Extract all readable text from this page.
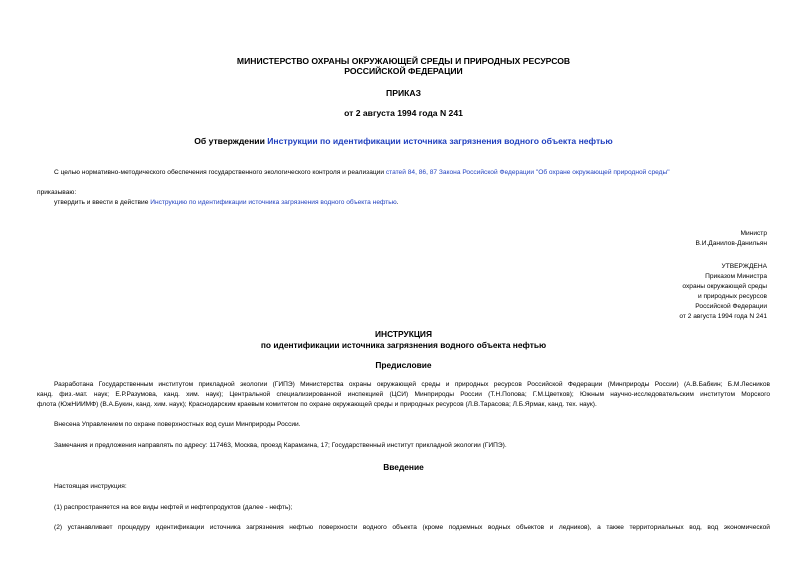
МИНИСТЕРСТВО ОХРАНЫ ОКРУЖАЮЩЕЙ СРЕДЫ И ПРИРОДНЫХ РЕСУРСОВ
РОССИЙСКОЙ ФЕДЕРАЦИИ
ПРИКАЗ
от 2 августа 1994 года N 241
Об утверждении Инструкции по идентификации источника загрязнения водного объекта нефтью
С целью нормативно-методического обеспечения государственного экологического контроля и реализации статей 84, 86, 87 Закона Российской Федерации "Об охране окружающей природной среды"
приказываю:
утвердить и ввести в действие Инструкцию по идентификации источника загрязнения водного объекта нефтью.
Министр
В.И.Данилов-Данильян
УТВЕРЖДЕНА
Приказом Министра
охраны окружающей среды
и природных ресурсов
Российской Федерации
от 2 августа 1994 года N 241
ИНСТРУКЦИЯ
по идентификации источника загрязнения водного объекта нефтью
Предисловие
Разработана Государственным институтом прикладной экологии (ГИПЭ) Министерства охраны окружающей среды и природных ресурсов Российской Федерации (Минприроды России) (А.В.Бабкин; Б.М.Лесников
канд. физ.-мат. наук; Е.Р.Разумова, канд. хим. наук); Центральной специализированной инспекцией (ЦСИ) Минприроды России (Т.Н.Попова; Г.М.Цветков); Южным научно-исследовательским институтом Морского
флота (ЮжНИИМФ) (В.А.Букин, канд. хим. наук); Краснодарским краевым комитетом по охране окружающей среды и природных ресурсов (Л.В.Тарасова; Л.Б.Ярмак, канд. тех. наук).
Внесена Управлением по охране поверхностных вод суши Минприроды России.
Замечания и предложения направлять по адресу: 117463, Москва, проезд Карамзина, 17; Государственный институт прикладной экологии (ГИПЭ).
Введение
Настоящая инструкция:
(1) распространяется на все виды нефтей и нефтепродуктов (далее - нефть);
(2) устанавливает процедуру идентификации источника загрязнения нефтью поверхности водного объекта (кроме подземных водных объектов и ледников), а также территориальных вод, вод экономической
